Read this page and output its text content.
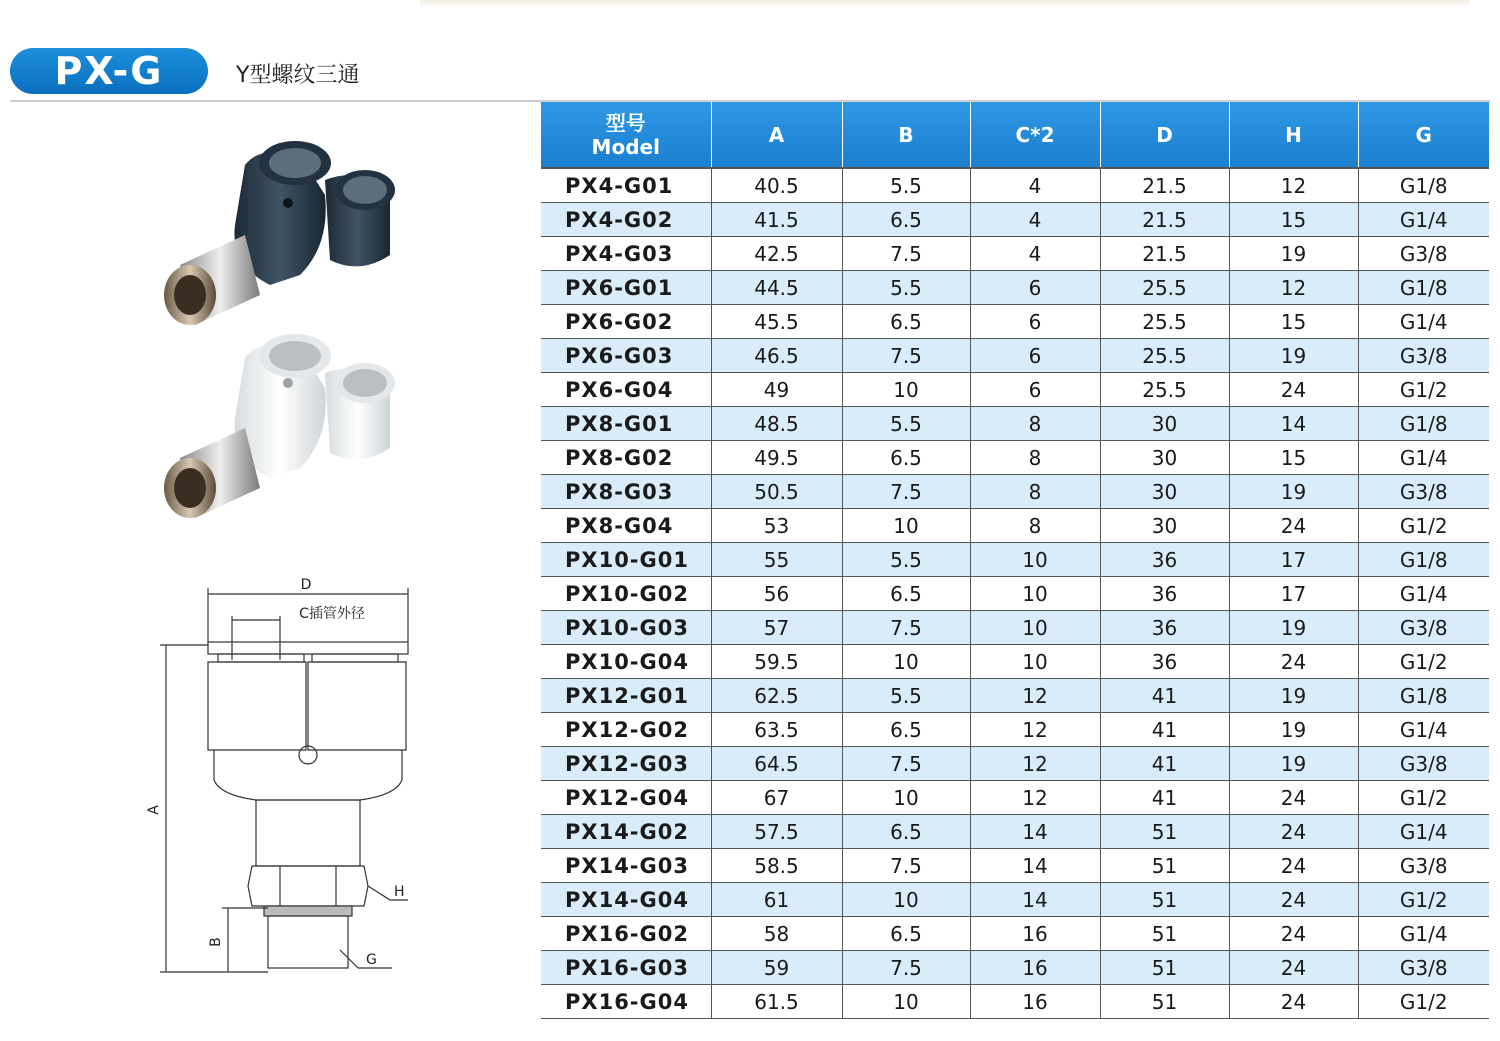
PX-G	Y型螺纹三通
D
C插管外径
A
B
H
G
型号
Model	A	B	C*2	D	H	G
PX4-G01	40.5	5.5	4	21.5	12	G1/8
PX4-G02	41.5	6.5	4	21.5	15	G1/4
PX4-G03	42.5	7.5	4	21.5	19	G3/8
PX6-G01	44.5	5.5	6	25.5	12	G1/8
PX6-G02	45.5	6.5	6	25.5	15	G1/4
PX6-G03	46.5	7.5	6	25.5	19	G3/8
PX6-G04	49	10	6	25.5	24	G1/2
PX8-G01	48.5	5.5	8	30	14	G1/8
PX8-G02	49.5	6.5	8	30	15	G1/4
PX8-G03	50.5	7.5	8	30	19	G3/8
PX8-G04	53	10	8	30	24	G1/2
PX10-G01	55	5.5	10	36	17	G1/8
PX10-G02	56	6.5	10	36	17	G1/4
PX10-G03	57	7.5	10	36	19	G3/8
PX10-G04	59.5	10	10	36	24	G1/2
PX12-G01	62.5	5.5	12	41	19	G1/8
PX12-G02	63.5	6.5	12	41	19	G1/4
PX12-G03	64.5	7.5	12	41	19	G3/8
PX12-G04	67	10	12	41	24	G1/2
PX14-G02	57.5	6.5	14	51	24	G1/4
PX14-G03	58.5	7.5	14	51	24	G3/8
PX14-G04	61	10	14	51	24	G1/2
PX16-G02	58	6.5	16	51	24	G1/4
PX16-G03	59	7.5	16	51	24	G3/8
PX16-G04	61.5	10	16	51	24	G1/2
